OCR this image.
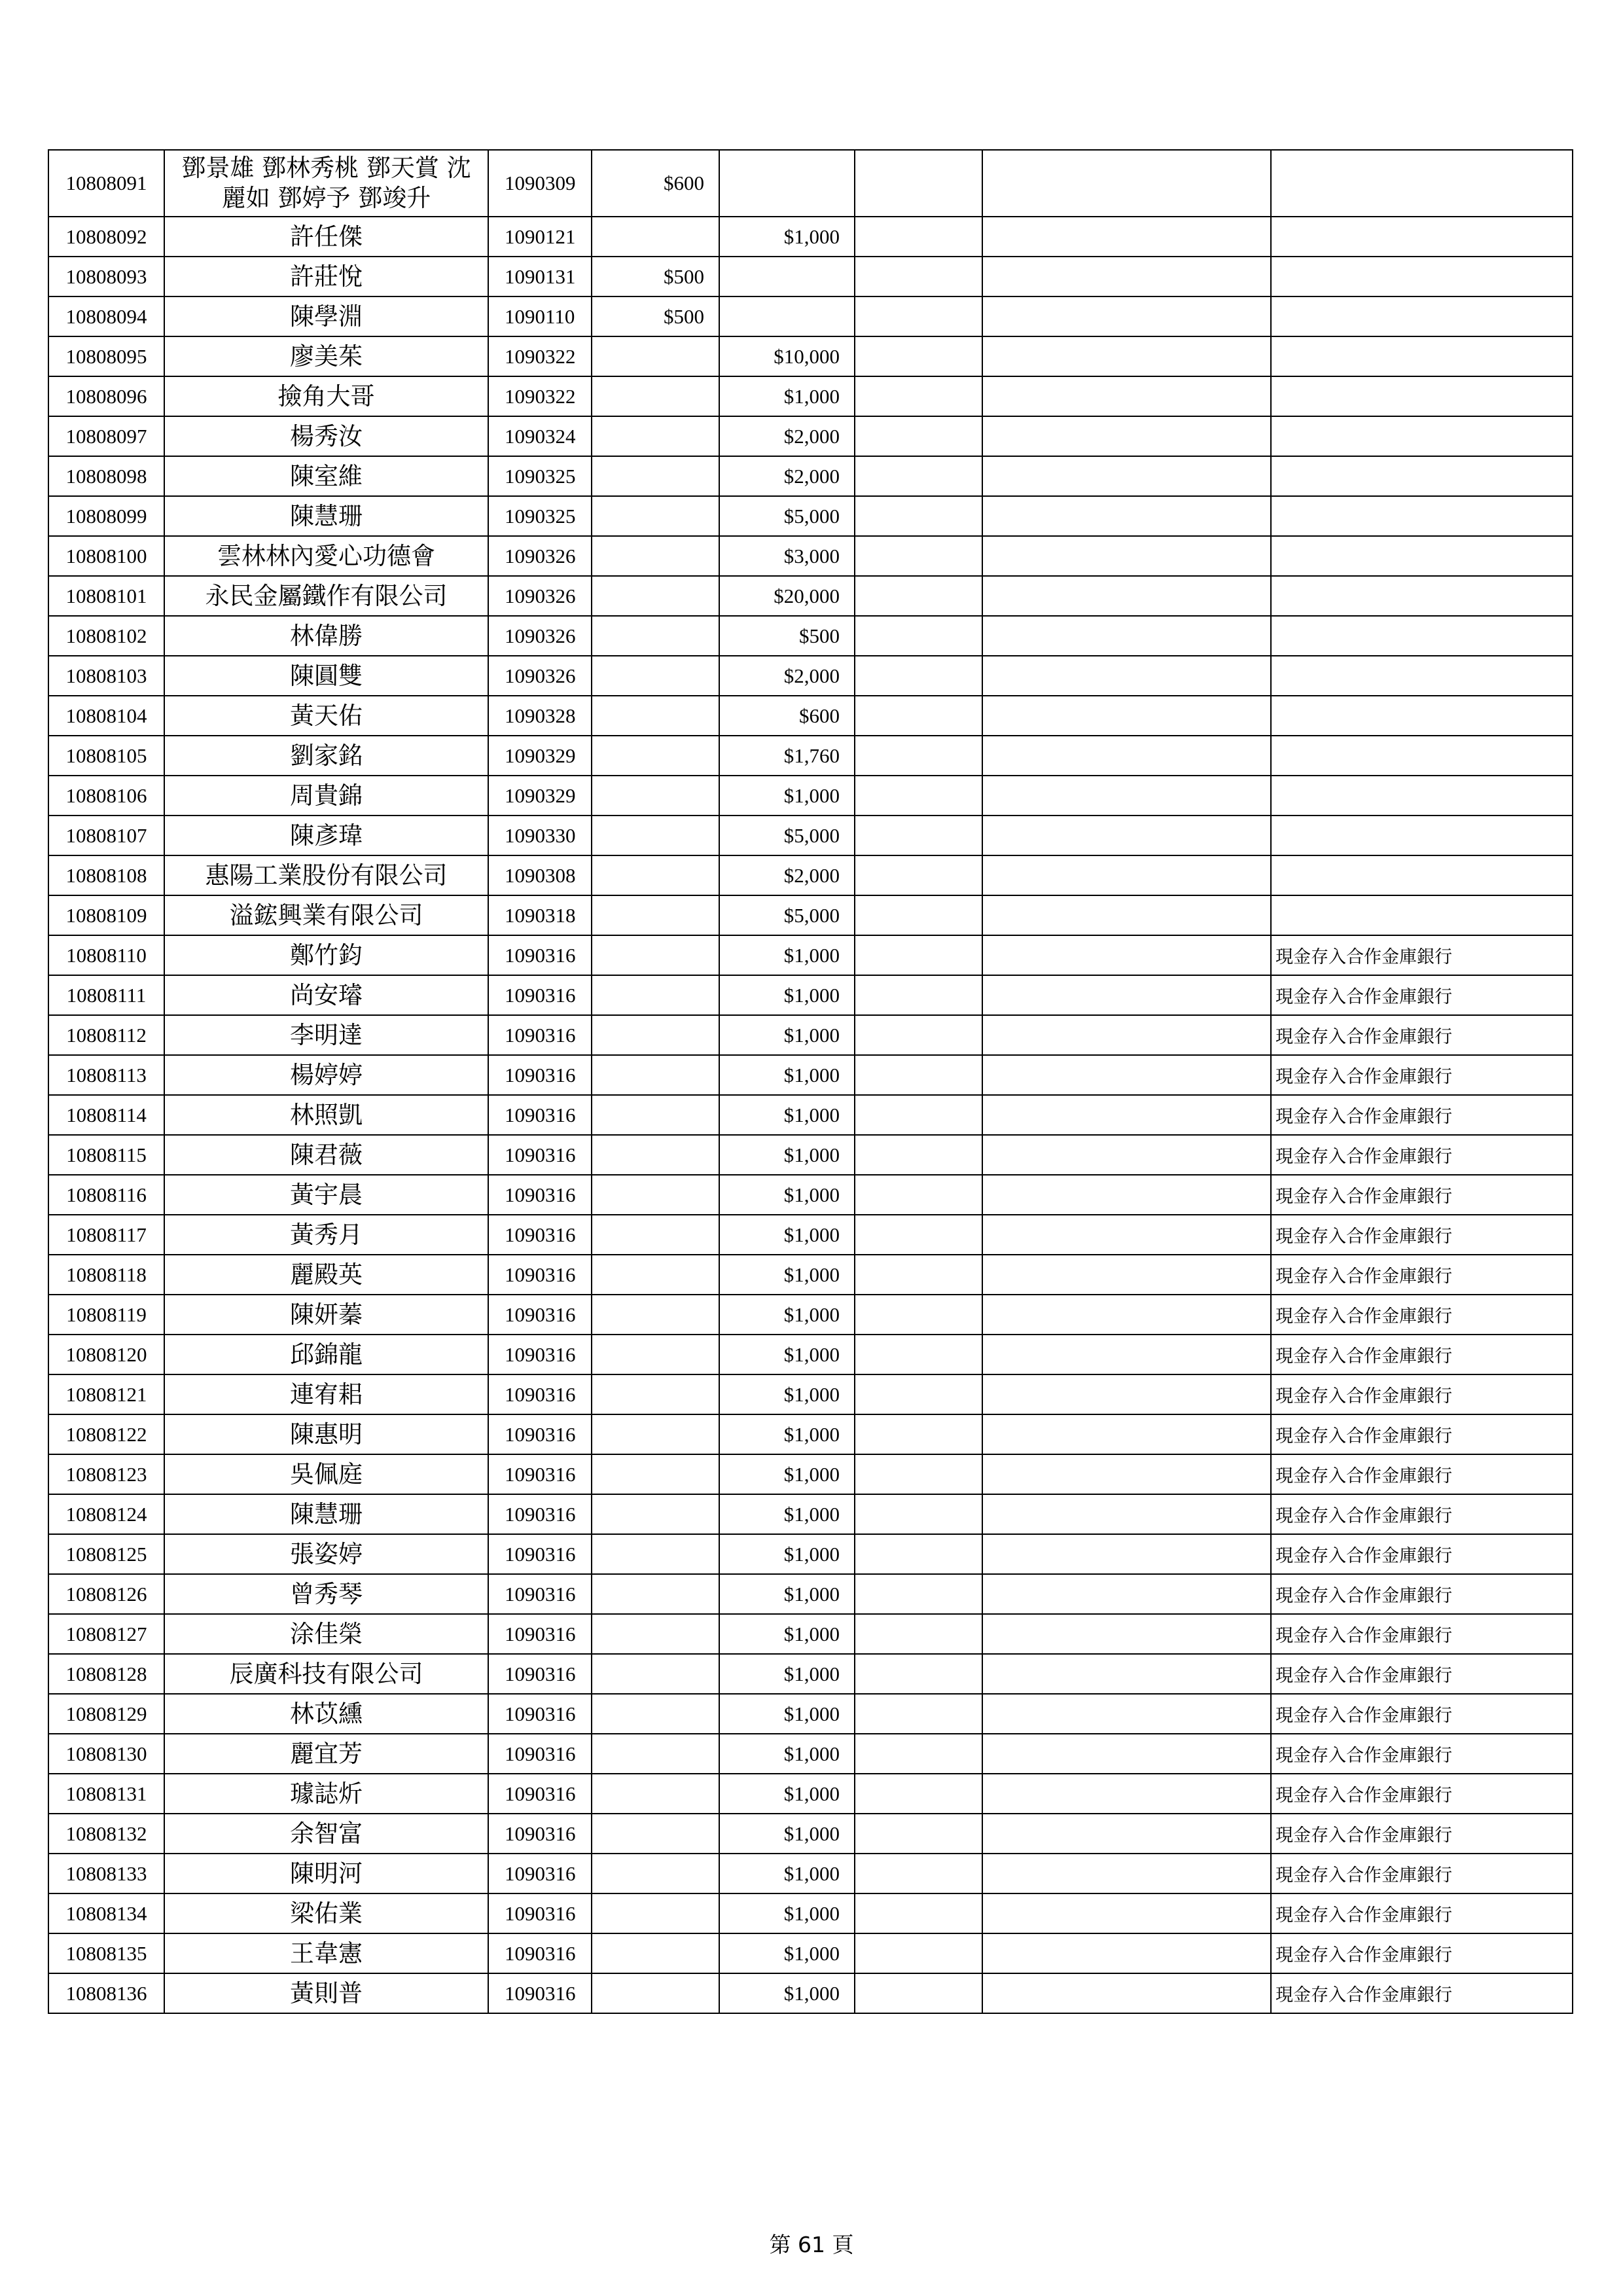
10808091	鄧景雄 鄧林秀桃 鄧天賞 沈麗如 鄧婷予 鄧竣升	1090309	$600				
10808092	許任傑	1090121		$1,000			
10808093	許莊悅	1090131	$500				
10808094	陳學淵	1090110	$500				
10808095	廖美茱	1090322		$10,000			
10808096	撿角大哥	1090322		$1,000			
10808097	楊秀汝	1090324		$2,000			
10808098	陳室維	1090325		$2,000			
10808099	陳慧珊	1090325		$5,000			
10808100	雲林林內愛心功德會	1090326		$3,000			
10808101	永民金屬鐵作有限公司	1090326		$20,000			
10808102	林偉勝	1090326		$500			
10808103	陳圓雙	1090326		$2,000			
10808104	黃天佑	1090328		$600			
10808105	劉家銘	1090329		$1,760			
10808106	周貴錦	1090329		$1,000			
10808107	陳彥瑋	1090330		$5,000			
10808108	惠陽工業股份有限公司	1090308		$2,000			
10808109	溢鋐興業有限公司	1090318		$5,000			
10808110	鄭竹鈞	1090316		$1,000			現金存入合作金庫銀行
10808111	尚安璿	1090316		$1,000			現金存入合作金庫銀行
10808112	李明達	1090316		$1,000			現金存入合作金庫銀行
10808113	楊婷婷	1090316		$1,000			現金存入合作金庫銀行
10808114	林照凱	1090316		$1,000			現金存入合作金庫銀行
10808115	陳君薇	1090316		$1,000			現金存入合作金庫銀行
10808116	黃宇晨	1090316		$1,000			現金存入合作金庫銀行
10808117	黃秀月	1090316		$1,000			現金存入合作金庫銀行
10808118	麗殿英	1090316		$1,000			現金存入合作金庫銀行
10808119	陳妍蓁	1090316		$1,000			現金存入合作金庫銀行
10808120	邱錦龍	1090316		$1,000			現金存入合作金庫銀行
10808121	連宥耜	1090316		$1,000			現金存入合作金庫銀行
10808122	陳惠明	1090316		$1,000			現金存入合作金庫銀行
10808123	吳佩庭	1090316		$1,000			現金存入合作金庫銀行
10808124	陳慧珊	1090316		$1,000			現金存入合作金庫銀行
10808125	張姿婷	1090316		$1,000			現金存入合作金庫銀行
10808126	曾秀琴	1090316		$1,000			現金存入合作金庫銀行
10808127	涂佳榮	1090316		$1,000			現金存入合作金庫銀行
10808128	辰廣科技有限公司	1090316		$1,000			現金存入合作金庫銀行
10808129	林苡纁	1090316		$1,000			現金存入合作金庫銀行
10808130	麗宜芳	1090316		$1,000			現金存入合作金庫銀行
10808131	璩誌炘	1090316		$1,000			現金存入合作金庫銀行
10808132	余智富	1090316		$1,000			現金存入合作金庫銀行
10808133	陳明河	1090316		$1,000			現金存入合作金庫銀行
10808134	梁佑業	1090316		$1,000			現金存入合作金庫銀行
10808135	王韋憲	1090316		$1,000			現金存入合作金庫銀行
10808136	黃則普	1090316		$1,000			現金存入合作金庫銀行
第 61 頁
